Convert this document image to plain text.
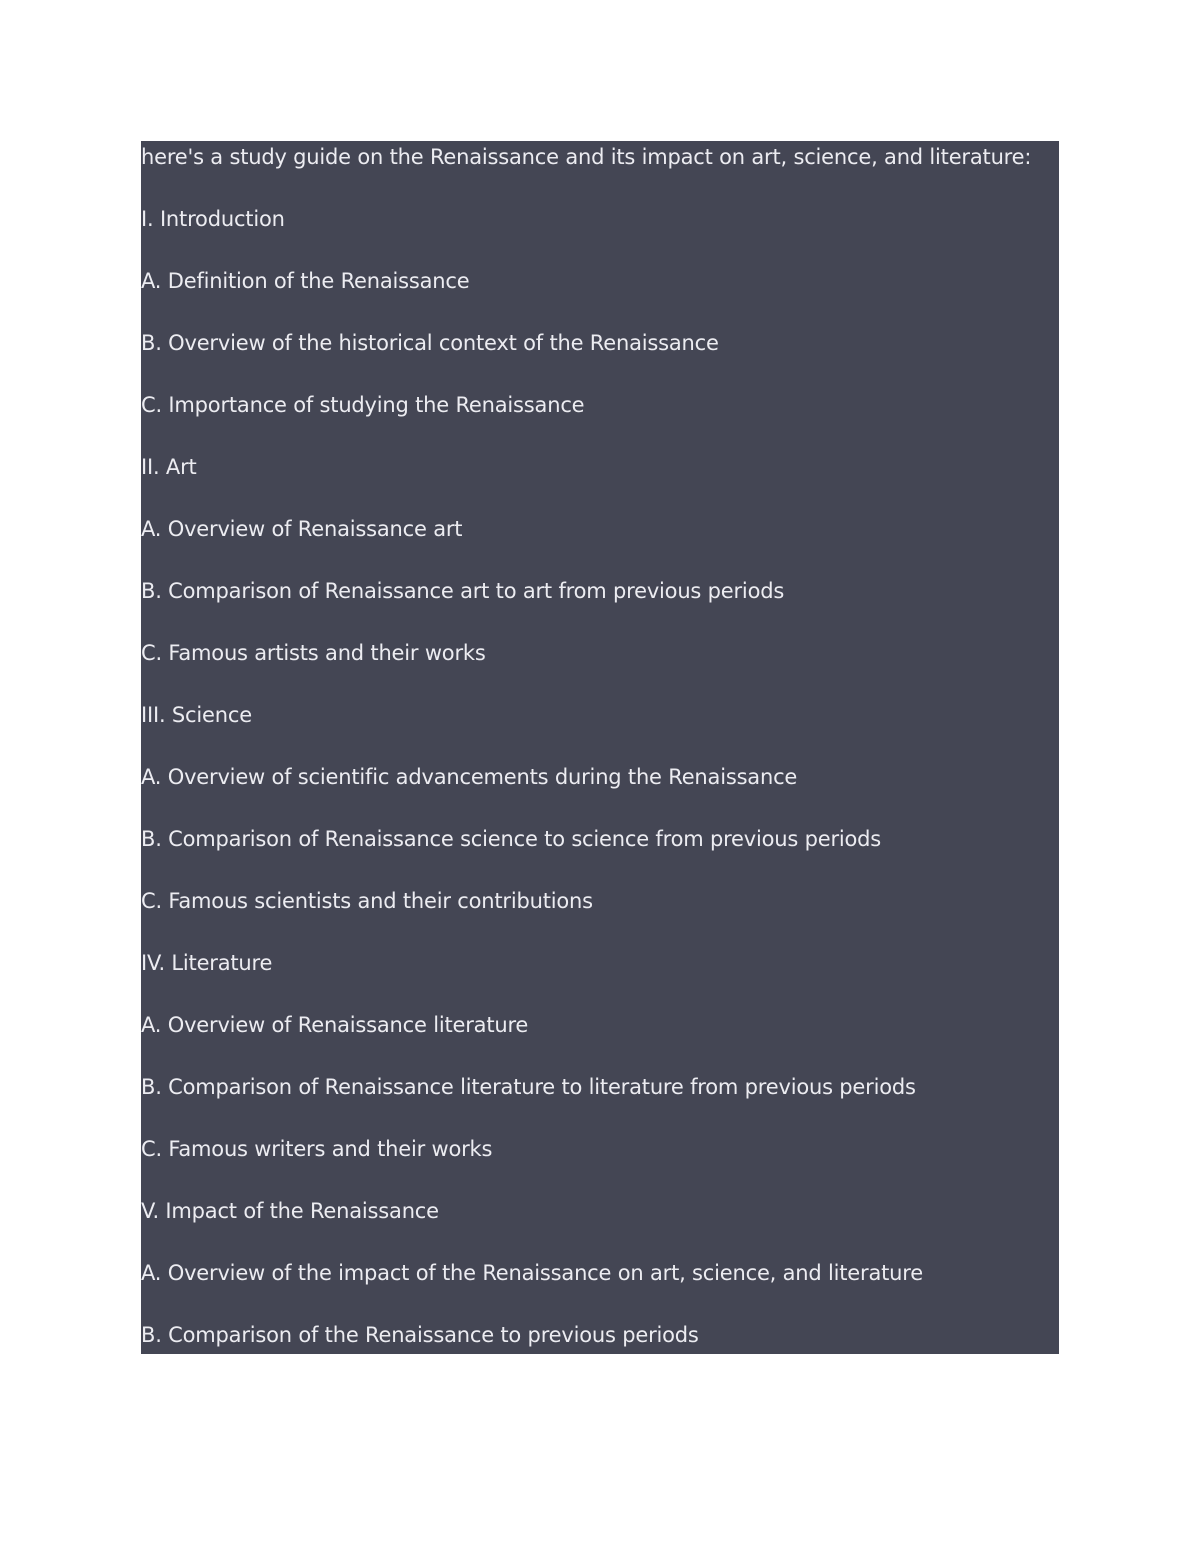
here's a study guide on the Renaissance and its impact on art, science, and literature:
I. Introduction
A. Definition of the Renaissance
B. Overview of the historical context of the Renaissance
C. Importance of studying the Renaissance
II. Art
A. Overview of Renaissance art
B. Comparison of Renaissance art to art from previous periods
C. Famous artists and their works
III. Science
A. Overview of scientific advancements during the Renaissance
B. Comparison of Renaissance science to science from previous periods
C. Famous scientists and their contributions
IV. Literature
A. Overview of Renaissance literature
B. Comparison of Renaissance literature to literature from previous periods
C. Famous writers and their works
V. Impact of the Renaissance
A. Overview of the impact of the Renaissance on art, science, and literature
B. Comparison of the Renaissance to previous periods
